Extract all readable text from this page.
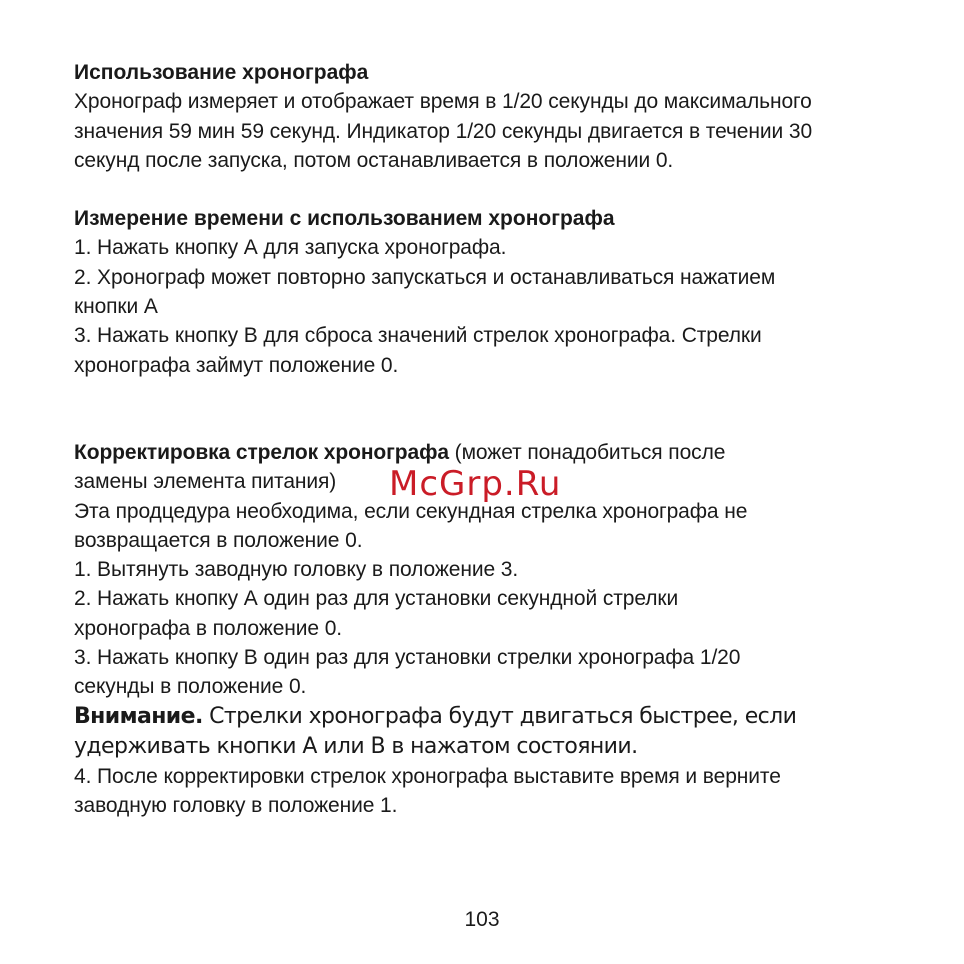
Использование хронографа
Хронограф измеряет и отображает время в 1/20 секунды до максимального
значения 59 мин 59 секунд. Индикатор 1/20 секунды двигается в течении 30
секунд после запуска, потом останавливается в положении 0.
Измерение времени с использованием хронографа
1. Нажать кнопку А для запуска хронографа.
2. Хронограф может повторно запускаться и останавливаться нажатием
кнопки А
3. Нажать кнопку В для сброса значений стрелок хронографа. Стрелки
хронографа займут положение 0.
Корректировка стрелок хронографа (может понадобиться после
замены элемента питания)
Эта продцедура необходима, если секундная стрелка хронографа не
возвращается в положение 0.
1. Вытянуть заводную головку в положение 3.
2. Нажать кнопку А один раз для установки секундной стрелки
хронографа в положение 0.
3. Нажать кнопку В один раз для установки стрелки хронографа 1/20
секунды в положение 0.
Внимание. Стрелки хронографа будут двигаться быстрее, если
удерживать кнопки А или В в нажатом состоянии.
4. После корректировки стрелок хронографа выставите время и верните
заводную головку в положение 1.
McGrp.Ru
103
